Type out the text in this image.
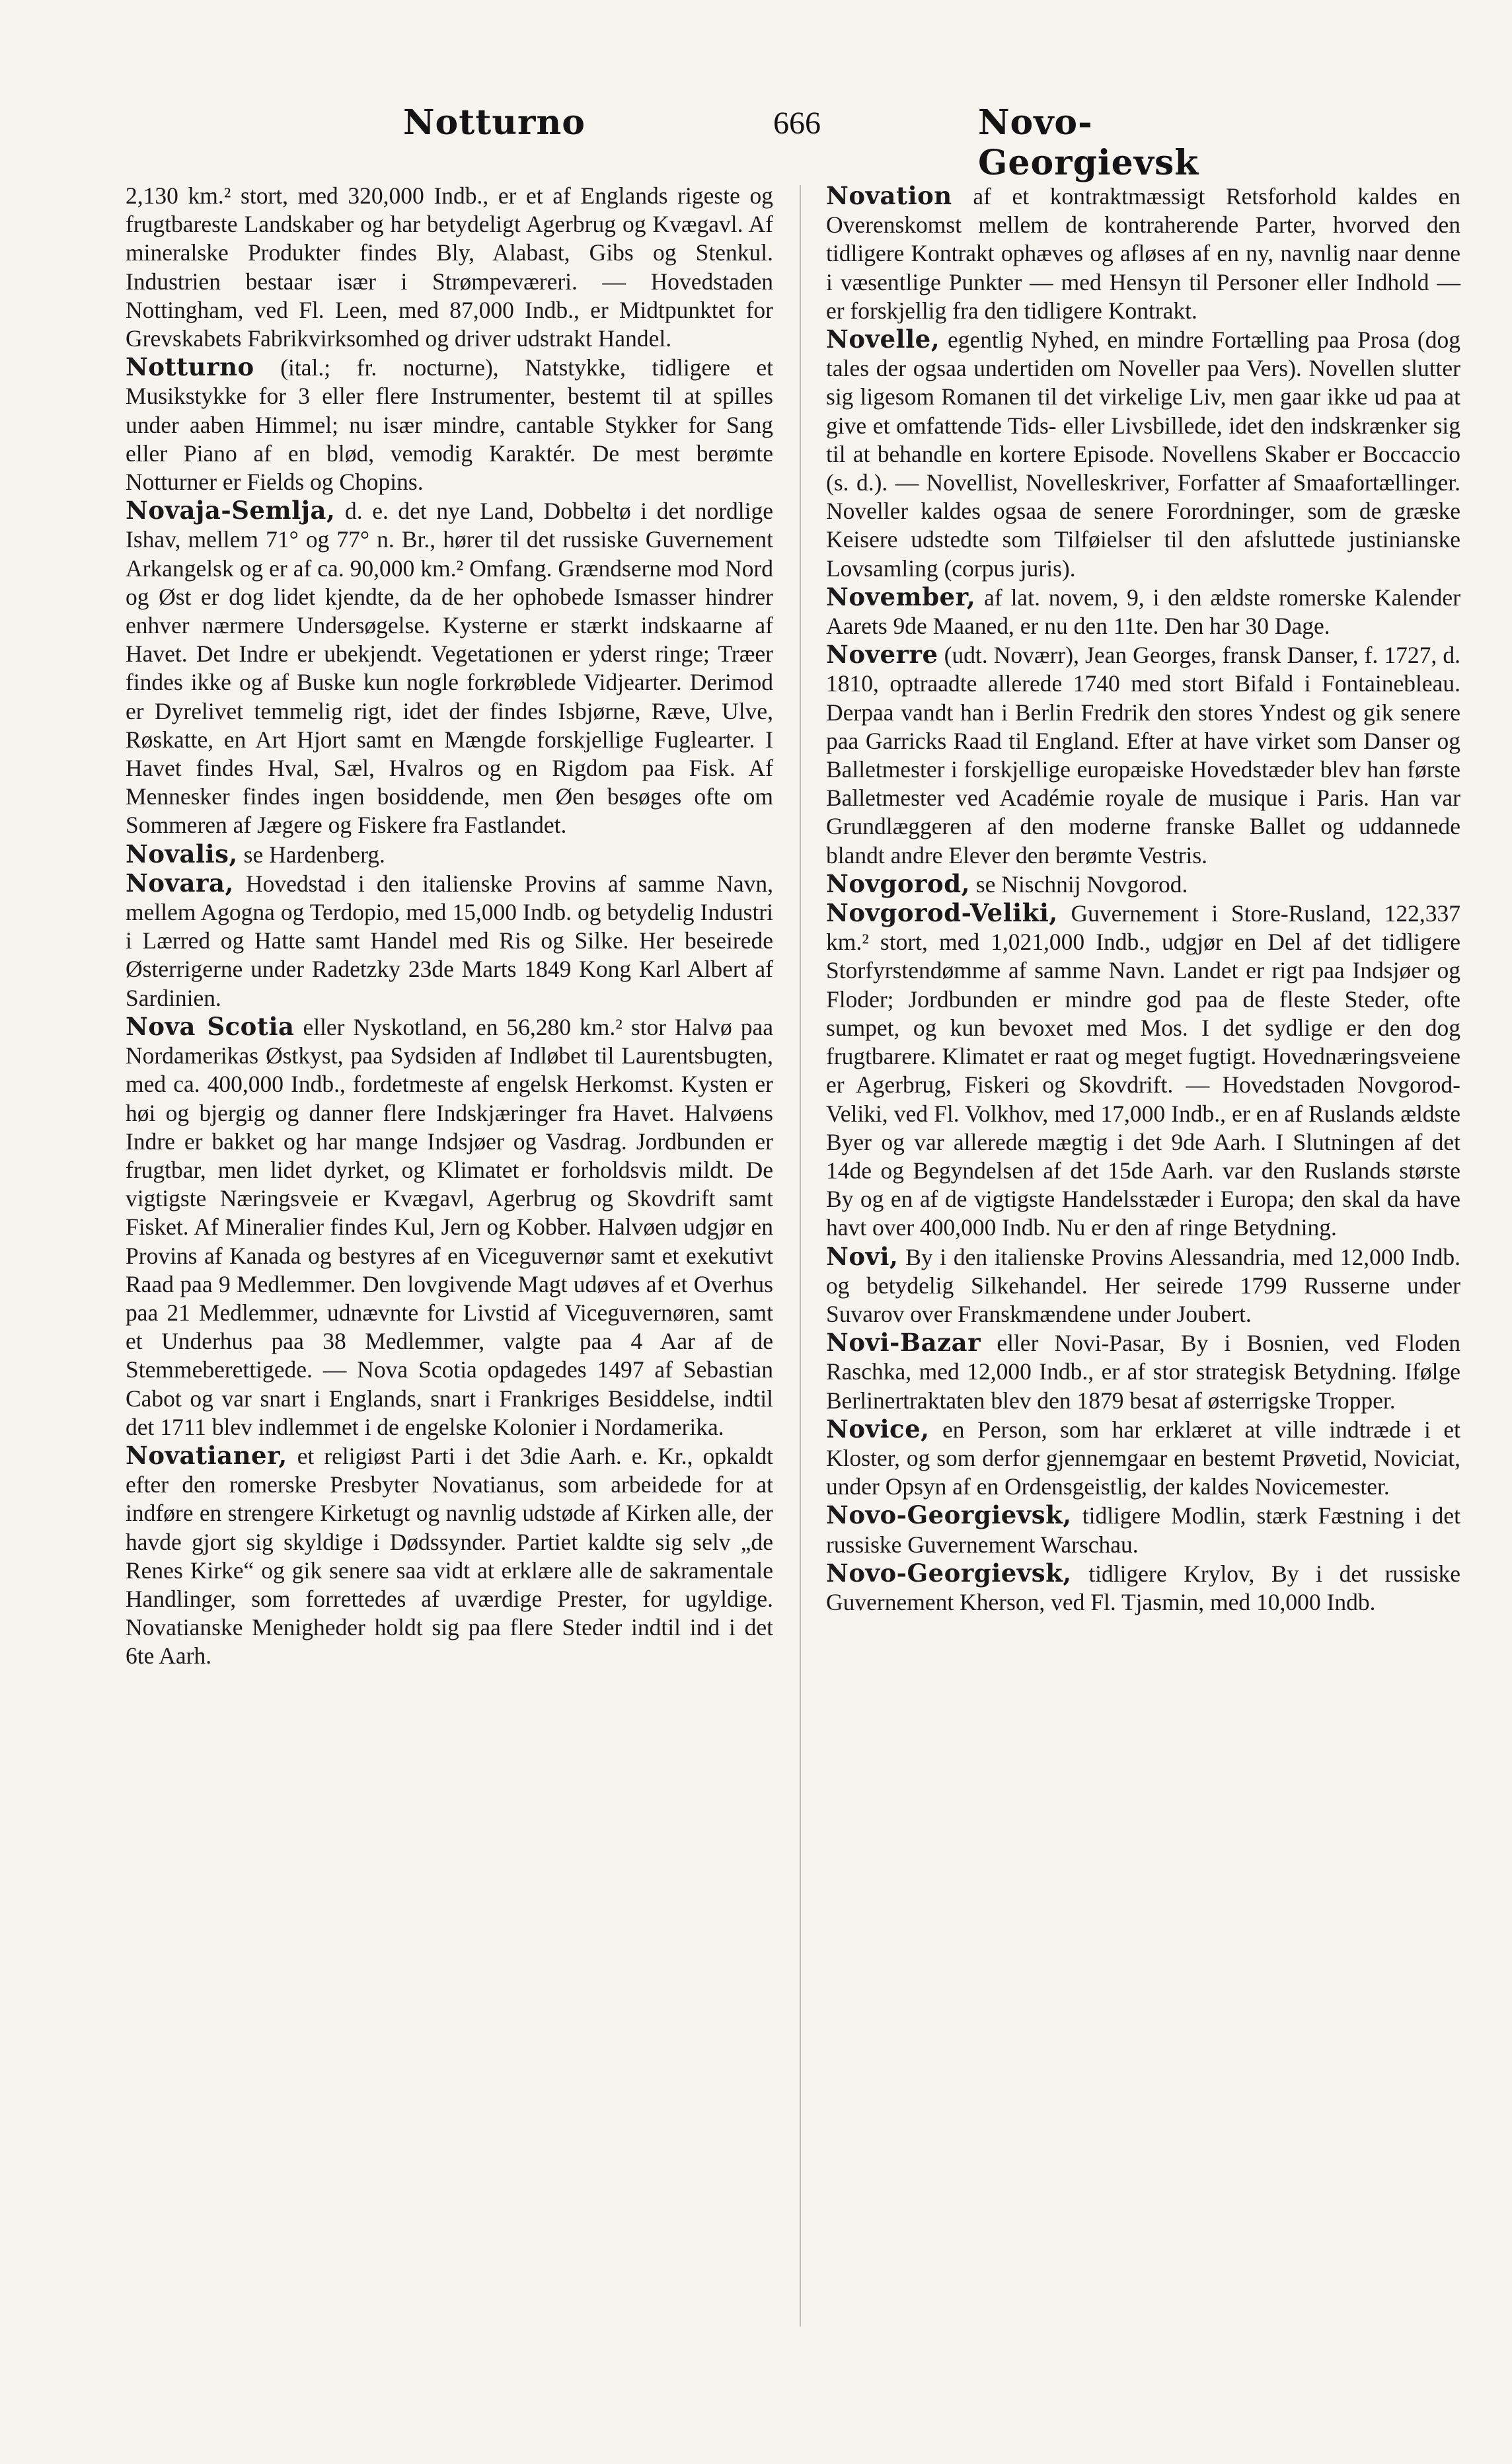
Notturno	666	Novo-Georgievsk

2,130 km.² stort, med 320,000 Indb., er et af Englands rigeste og frugtbareste Landskaber og har betydeligt Agerbrug og Kvægavl. Af mineralske Produkter findes Bly, Alabast, Gibs og Stenkul. Industrien bestaar især i Strømpeværeri. — Hovedstaden Nottingham, ved Fl. Leen, med 87,000 Indb., er Midtpunktet for Grevskabets Fabrikvirksomhed og driver udstrakt Handel.

Notturno (ital.; fr. nocturne), Natstykke, tidligere et Musikstykke for 3 eller flere Instrumenter, bestemt til at spilles under aaben Himmel; nu især mindre, cantable Stykker for Sang eller Piano af en blød, vemodig Karaktér. De mest berømte Notturner er Fields og Chopins.

Novaja-Semlja, d. e. det nye Land, Dobbeltø i det nordlige Ishav, mellem 71° og 77° n. Br., hører til det russiske Guvernement Arkangelsk og er af ca. 90,000 km.² Omfang. Grændserne mod Nord og Øst er dog lidet kjendte, da de her ophobede Ismasser hindrer enhver nærmere Undersøgelse. Kysterne er stærkt indskaarne af Havet. Det Indre er ubekjendt. Vegetationen er yderst ringe; Træer findes ikke og af Buske kun nogle forkrøblede Vidjearter. Derimod er Dyrelivet temmelig rigt, idet der findes Isbjørne, Ræve, Ulve, Røskatte, en Art Hjort samt en Mængde forskjellige Fuglearter. I Havet findes Hval, Sæl, Hvalros og en Rigdom paa Fisk. Af Mennesker findes ingen bosiddende, men Øen besøges ofte om Sommeren af Jægere og Fiskere fra Fastlandet.

Novalis, se Hardenberg.

Novara, Hovedstad i den italienske Provins af samme Navn, mellem Agogna og Terdopio, med 15,000 Indb. og betydelig Industri i Lærred og Hatte samt Handel med Ris og Silke. Her beseirede Østerrigerne under Radetzky 23de Marts 1849 Kong Karl Albert af Sardinien.

Nova Scotia eller Nyskotland, en 56,280 km.² stor Halvø paa Nordamerikas Østkyst, paa Sydsiden af Indløbet til Laurentsbugten, med ca. 400,000 Indb., fordetmeste af engelsk Herkomst. Kysten er høi og bjergig og danner flere Indskjæringer fra Havet. Halvøens Indre er bakket og har mange Indsjøer og Vasdrag. Jordbunden er frugtbar, men lidet dyrket, og Klimatet er forholdsvis mildt. De vigtigste Næringsveie er Kvægavl, Agerbrug og Skovdrift samt Fisket. Af Mineralier findes Kul, Jern og Kobber. Halvøen udgjør en Provins af Kanada og bestyres af en Viceguvernør samt et exekutivt Raad paa 9 Medlemmer. Den lovgivende Magt udøves af et Overhus paa 21 Medlemmer, udnævnte for Livstid af Viceguvernøren, samt et Underhus paa 38 Medlemmer, valgte paa 4 Aar af de Stemmeberettigede. — Nova Scotia opdagedes 1497 af Sebastian Cabot og var snart i Englands, snart i Frankriges Besiddelse, indtil det 1711 blev indlemmet i de engelske Kolonier i Nordamerika.

Novatianer, et religiøst Parti i det 3die Aarh. e. Kr., opkaldt efter den romerske Presbyter Novatianus, som arbeidede for at indføre en strengere Kirketugt og navnlig udstøde af Kirken alle, der havde gjort sig skyldige i Dødssynder. Partiet kaldte sig selv „de Renes Kirke“ og gik senere saa vidt at erklære alle de sakramentale Handlinger, som forrettedes af uværdige Prester, for ugyldige. Novatianske Menigheder holdt sig paa flere Steder indtil ind i det 6te Aarh.

Novation af et kontraktmæssigt Retsforhold kaldes en Overenskomst mellem de kontraherende Parter, hvorved den tidligere Kontrakt ophæves og afløses af en ny, navnlig naar denne i væsentlige Punkter — med Hensyn til Personer eller Indhold — er forskjellig fra den tidligere Kontrakt.

Novelle, egentlig Nyhed, en mindre Fortælling paa Prosa (dog tales der ogsaa undertiden om Noveller paa Vers). Novellen slutter sig ligesom Romanen til det virkelige Liv, men gaar ikke ud paa at give et omfattende Tids- eller Livsbillede, idet den indskrænker sig til at behandle en kortere Episode. Novellens Skaber er Boccaccio (s. d.). — Novellist, Novelleskriver, Forfatter af Smaafortællinger. Noveller kaldes ogsaa de senere Forordninger, som de græske Keisere udstedte som Tilføielser til den afsluttede justinianske Lovsamling (corpus juris).

November, af lat. novem, 9, i den ældste romerske Kalender Aarets 9de Maaned, er nu den 11te. Den har 30 Dage.

Noverre (udt. Noværr), Jean Georges, fransk Danser, f. 1727, d. 1810, optraadte allerede 1740 med stort Bifald i Fontainebleau. Derpaa vandt han i Berlin Fredrik den stores Yndest og gik senere paa Garricks Raad til England. Efter at have virket som Danser og Balletmester i forskjellige europæiske Hovedstæder blev han første Balletmester ved Académie royale de musique i Paris. Han var Grundlæggeren af den moderne franske Ballet og uddannede blandt andre Elever den berømte Vestris.

Novgorod, se Nischnij Novgorod.

Novgorod-Veliki, Guvernement i Store-Rusland, 122,337 km.² stort, med 1,021,000 Indb., udgjør en Del af det tidligere Storfyrstendømme af samme Navn. Landet er rigt paa Indsjøer og Floder; Jordbunden er mindre god paa de fleste Steder, ofte sumpet, og kun bevoxet med Mos. I det sydlige er den dog frugtbarere. Klimatet er raat og meget fugtigt. Hovednæringsveiene er Agerbrug, Fiskeri og Skovdrift. — Hovedstaden Novgorod-Veliki, ved Fl. Volkhov, med 17,000 Indb., er en af Ruslands ældste Byer og var allerede mægtig i det 9de Aarh. I Slutningen af det 14de og Begyndelsen af det 15de Aarh. var den Ruslands største By og en af de vigtigste Handelsstæder i Europa; den skal da have havt over 400,000 Indb. Nu er den af ringe Betydning.

Novi, By i den italienske Provins Alessandria, med 12,000 Indb. og betydelig Silkehandel. Her seirede 1799 Russerne under Suvarov over Franskmændene under Joubert.

Novi-Bazar eller Novi-Pasar, By i Bosnien, ved Floden Raschka, med 12,000 Indb., er af stor strategisk Betydning. Ifølge Berlinertraktaten blev den 1879 besat af østerrigske Tropper.

Novice, en Person, som har erklæret at ville indtræde i et Kloster, og som derfor gjennemgaar en bestemt Prøvetid, Noviciat, under Opsyn af en Ordensgeistlig, der kaldes Novicemester.

Novo-Georgievsk, tidligere Modlin, stærk Fæstning i det russiske Guvernement Warschau.

Novo-Georgievsk, tidligere Krylov, By i det russiske Guvernement Kherson, ved Fl. Tjasmin, med 10,000 Indb.
